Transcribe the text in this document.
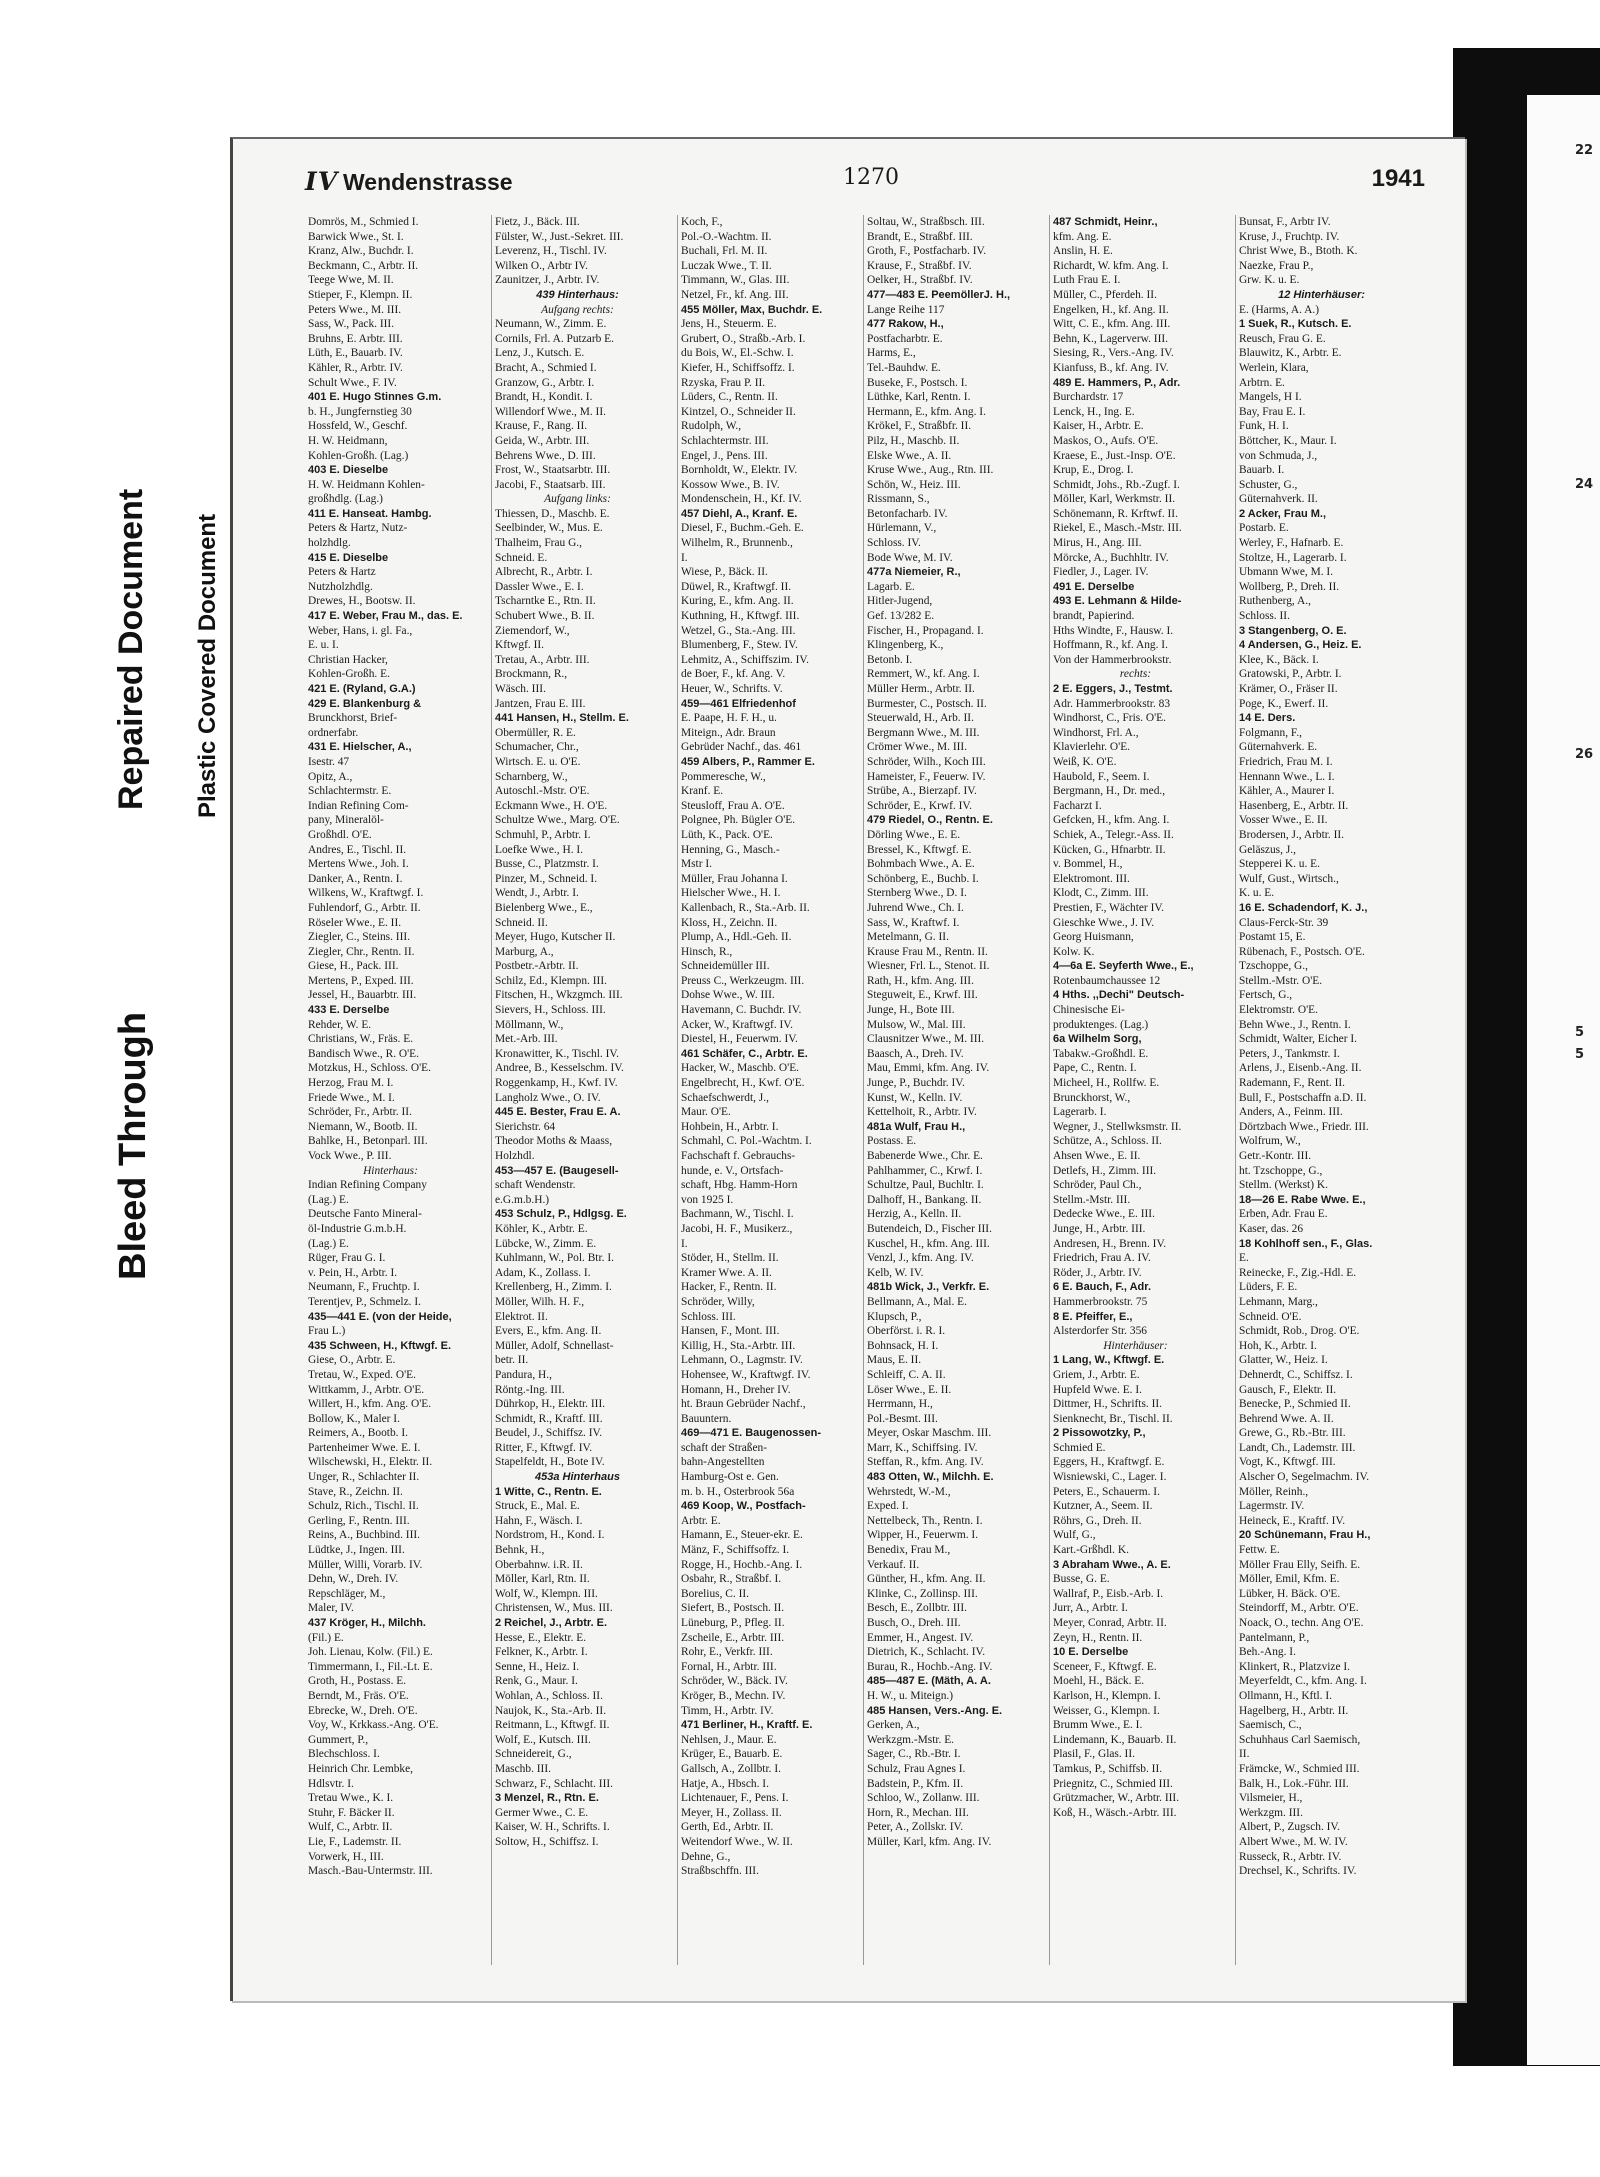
22
24
26
5
5
Bleed Through
Repaired Document Plastic Covered Document
IV Wendenstrasse	1270	1941
Domrös, M., Schmied I.
Barwick Wwe., St. I.
Kranz, Alw., Buchdr. I.
Beckmann, C., Arbtr. II.
Teege Wwe, M. II.
Stieper, F., Klempn. II.
Peters Wwe., M. III.
Sass, W., Pack. III.
Bruhns, E. Arbtr. III.
Lüth, E., Bauarb. IV.
Kähler, R., Arbtr. IV.
Schult Wwe., F. IV.
401 E. Hugo Stinnes G.m.
b. H., Jungfernstieg 30
Hossfeld, W., Geschf.
H. W. Heidmann,
Kohlen-Großh. (Lag.)
403 E. Dieselbe
H. W. Heidmann Kohlen-
großhdlg. (Lag.)
411 E. Hanseat. Hambg.
Peters & Hartz, Nutz-
holzhdlg.
415 E. Dieselbe
Peters & Hartz
Nutzholzhdlg.
Drewes, H., Bootsw. II.
417 E. Weber, Frau M., das. E.
Weber, Hans, i. gl. Fa.,
E. u. I.
Christian Hacker,
Kohlen-Großh. E.
421 E. (Ryland, G.A.)
429 E. Blankenburg &
Brunckhorst, Brief-
ordnerfabr.
431 E. Hielscher, A.,
Isestr. 47
Opitz, A.,
Schlachtermstr. E.
Indian Refining Com-
pany, Mineralöl-
Großhdl. O'E.
Andres, E., Tischl. II.
Mertens Wwe., Joh. I.
Danker, A., Rentn. I.
Wilkens, W., Kraftwgf. I.
Fuhlendorf, G., Arbtr. II.
Röseler Wwe., E. II.
Ziegler, C., Steins. III.
Ziegler, Chr., Rentn. II.
Giese, H., Pack. III.
Mertens, P., Exped. III.
Jessel, H., Bauarbtr. III.
433 E. Derselbe
Rehder, W. E.
Christians, W., Fräs. E.
Bandisch Wwe., R. O'E.
Motzkus, H., Schloss. O'E.
Herzog, Frau M. I.
Friede Wwe., M. I.
Schröder, Fr., Arbtr. II.
Niemann, W., Bootb. II.
Bahlke, H., Betonparl. III.
Vock Wwe., P. III.
Hinterhaus:
Indian Refining Company
(Lag.) E.
Deutsche Fanto Mineral-
öl-Industrie G.m.b.H.
(Lag.) E.
Rüger, Frau G. I.
v. Pein, H., Arbtr. I.
Neumann, F., Fruchtp. I.
Terentjev, P., Schmelz. I.
435—441 E. (von der Heide,
Frau L.)
435 Schween, H., Kftwgf. E.
Giese, O., Arbtr. E.
Tretau, W., Exped. O'E.
Wittkamm, J., Arbtr. O'E.
Willert, H., kfm. Ang. O'E.
Bollow, K., Maler I.
Reimers, A., Bootb. I.
Partenheimer Wwe. E. I.
Wilschewski, H., Elektr. II.
Unger, R., Schlachter II.
Stave, R., Zeichn. II.
Schulz, Rich., Tischl. II.
Gerling, F., Rentn. III.
Reins, A., Buchbind. III.
Lüdtke, J., Ingen. III.
Müller, Willi, Vorarb. IV.
Dehn, W., Dreh. IV.
Repschläger, M.,
Maler, IV.
437 Kröger, H., Milchh.
(Fil.) E.
Joh. Lienau, Kolw. (Fil.) E.
Timmermann, I., Fil.-Lt. E.
Groth, H., Postass. E.
Berndt, M., Fräs. O'E.
Ebrecke, W., Dreh. O'E.
Voy, W., Krkkass.-Ang. O'E.
Gummert, P.,
Blechschloss. I.
Heinrich Chr. Lembke,
Hdlsvtr. I.
Tretau Wwe., K. I.
Stuhr, F. Bäcker II.
Wulf, C., Arbtr. II.
Lie, F., Lademstr. II.
Vorwerk, H., III.
Masch.-Bau-Untermstr. III.
Fietz, J., Bäck. III.
Fülster, W., Just.-Sekret. III.
Leverenz, H., Tischl. IV.
Wilken O., Arbtr IV.
Zaunitzer, J., Arbtr. IV.
439 Hinterhaus:
Aufgang rechts:
Neumann, W., Zimm. E.
Cornils, Frl. A. Putzarb E.
Lenz, J., Kutsch. E.
Bracht, A., Schmied I.
Granzow, G., Arbtr. I.
Brandt, H., Kondit. I.
Willendorf Wwe., M. II.
Krause, F., Rang. II.
Geida, W., Arbtr. III.
Behrens Wwe., D. III.
Frost, W., Staatsarbtr. III.
Jacobi, F., Staatsarb. III.
Aufgang links:
Thiessen, D., Maschb. E.
Seelbinder, W., Mus. E.
Thalheim, Frau G.,
Schneid. E.
Albrecht, R., Arbtr. I.
Dassler Wwe., E. I.
Tscharntke E., Rtn. II.
Schubert Wwe., B. II.
Ziemendorf, W.,
Kftwgf. II.
Tretau, A., Arbtr. III.
Brockmann, R.,
Wäsch. III.
Jantzen, Frau E. III.
441 Hansen, H., Stellm. E.
Obermüller, R. E.
Schumacher, Chr.,
Wirtsch. E. u. O'E.
Scharnberg, W.,
Autoschl.-Mstr. O'E.
Eckmann Wwe., H. O'E.
Schultze Wwe., Marg. O'E.
Schmuhl, P., Arbtr. I.
Loefke Wwe., H. I.
Busse, C., Platzmstr. I.
Pinzer, M., Schneid. I.
Wendt, J., Arbtr. I.
Bielenberg Wwe., E.,
Schneid. II.
Meyer, Hugo, Kutscher II.
Marburg, A.,
Postbetr.-Arbtr. II.
Schilz, Ed., Klempn. III.
Fitschen, H., Wkzgmch. III.
Sievers, H., Schloss. III.
Möllmann, W.,
Met.-Arb. III.
Kronawitter, K., Tischl. IV.
Andree, B., Kesselschm. IV.
Roggenkamp, H., Kwf. IV.
Langholz Wwe., O. IV.
445 E. Bester, Frau E. A.
Sierichstr. 64
Theodor Moths & Maass,
Holzhdl.
453—457 E. (Baugesell-
schaft Wendenstr.
e.G.m.b.H.)
453 Schulz, P., Hdlgsg. E.
Köhler, K., Arbtr. E.
Lübcke, W., Zimm. E.
Kuhlmann, W., Pol. Btr. I.
Adam, K., Zollass. I.
Krellenberg, H., Zimm. I.
Möller, Wilh. H. F.,
Elektrot. II.
Evers, E., kfm. Ang. II.
Müller, Adolf, Schnellast-
betr. II.
Pandura, H.,
Röntg.-Ing. III.
Dührkop, H., Elektr. III.
Schmidt, R., Kraftf. III.
Beudel, J., Schiffsz. IV.
Ritter, F., Kftwgf. IV.
Stapelfeldt, H., Bote IV.
453a Hinterhaus
1 Witte, C., Rentn. E.
Struck, E., Mal. E.
Hahn, F., Wäsch. I.
Nordstrom, H., Kond. I.
Behnk, H.,
Oberbahnw. i.R. II.
Möller, Karl, Rtn. II.
Wolf, W., Klempn. III.
Christensen, W., Mus. III.
2 Reichel, J., Arbtr. E.
Hesse, E., Elektr. E.
Felkner, K., Arbtr. I.
Senne, H., Heiz. I.
Renk, G., Maur. I.
Wohlan, A., Schloss. II.
Naujok, K., Sta.-Arb. II.
Reitmann, L., Kftwgf. II.
Wolf, E., Kutsch. III.
Schneidereit, G.,
Maschb. III.
Schwarz, F., Schlacht. III.
3 Menzel, R., Rtn. E.
Germer Wwe., C. E.
Kaiser, W. H., Schrifts. I.
Soltow, H., Schiffsz. I.
Koch, F.,
Pol.-O.-Wachtm. II.
Buchali, Frl. M. II.
Luczak Wwe., T. II.
Timmann, W., Glas. III.
Netzel, Fr., kf. Ang. III.
455 Möller, Max, Buchdr. E.
Jens, H., Steuerm. E.
Grubert, O., Straßb.-Arb. I.
du Bois, W., El.-Schw. I.
Kiefer, H., Schiffsoffz. I.
Rzyska, Frau P. II.
Lüders, C., Rentn. II.
Kintzel, O., Schneider II.
Rudolph, W.,
Schlachtermstr. III.
Engel, J., Pens. III.
Bornholdt, W., Elektr. IV.
Kossow Wwe., B. IV.
Mondenschein, H., Kf. IV.
457 Diehl, A., Kranf. E.
Diesel, F., Buchm.-Geh. E.
Wilhelm, R., Brunnenb.,
I.
Wiese, P., Bäck. II.
Düwel, R., Kraftwgf. II.
Kuring, E., kfm. Ang. II.
Kuthning, H., Kftwgf. III.
Wetzel, G., Sta.-Ang. III.
Blumenberg, F., Stew. IV.
Lehmitz, A., Schiffszim. IV.
de Boer, F., kf. Ang. V.
Heuer, W., Schrifts. V.
459—461 Elfriedenhof
E. Paape, H. F. H., u.
Miteign., Adr. Braun
Gebrüder Nachf., das. 461
459 Albers, P., Rammer E.
Pommeresche, W.,
Kranf. E.
Steusloff, Frau A. O'E.
Polgnee, Ph. Bügler O'E.
Lüth, K., Pack. O'E.
Henning, G., Masch.-
Mstr I.
Müller, Frau Johanna I.
Hielscher Wwe., H. I.
Kallenbach, R., Sta.-Arb. II.
Kloss, H., Zeichn. II.
Plump, A., Hdl.-Geh. II.
Hinsch, R.,
Schneidemüller III.
Preuss C., Werkzeugm. III.
Dohse Wwe., W. III.
Havemann, C. Buchdr. IV.
Acker, W., Kraftwgf. IV.
Diestel, H., Feuerwm. IV.
461 Schäfer, C., Arbtr. E.
Hacker, W., Maschb. O'E.
Engelbrecht, H., Kwf. O'E.
Schaefschwerdt, J.,
Maur. O'E.
Hohbein, H., Arbtr. I.
Schmahl, C. Pol.-Wachtm. I.
Fachschaft f. Gebrauchs-
hunde, e. V., Ortsfach-
schaft, Hbg. Hamm-Horn
von 1925 I.
Bachmann, W., Tischl. I.
Jacobi, H. F., Musikerz.,
I.
Stöder, H., Stellm. II.
Kramer Wwe. A. II.
Hacker, F., Rentn. II.
Schröder, Willy,
Schloss. III.
Hansen, F., Mont. III.
Killig, H., Sta.-Arbtr. III.
Lehmann, O., Lagmstr. IV.
Hohensee, W., Kraftwgf. IV.
Homann, H., Dreher IV.
ht. Braun Gebrüder Nachf.,
Bauuntern.
469—471 E. Baugenossen-
schaft der Straßen-
bahn-Angestellten
Hamburg-Ost e. Gen.
m. b. H., Osterbrook 56a
469 Koop, W., Postfach-
Arbtr. E.
Hamann, E., Steuer-ekr. E.
Mänz, F., Schiffsoffz. I.
Rogge, H., Hochb.-Ang. I.
Osbahr, R., Straßbf. I.
Borelius, C. II.
Siefert, B., Postsch. II.
Lüneburg, P., Pfleg. II.
Zscheile, E., Arbtr. III.
Rohr, E., Verkfr. III.
Fornal, H., Arbtr. III.
Schröder, W., Bäck. IV.
Kröger, B., Mechn. IV.
Timm, H., Arbtr. IV.
471 Berliner, H., Kraftf. E.
Nehlsen, J., Maur. E.
Krüger, E., Bauarb. E.
Gallsch, A., Zollbtr. I.
Hatje, A., Hbsch. I.
Lichtenauer, F., Pens. I.
Meyer, H., Zollass. II.
Gerth, Ed., Arbtr. II.
Weitendorf Wwe., W. II.
Dehne, G.,
Straßbschffn. III.
Soltau, W., Straßbsch. III.
Brandt, E., Straßbf. III.
Groth, F., Postfacharb. IV.
Krause, F., Straßbf. IV.
Oelker, H., Straßbf. IV.
477—483 E. PeemöllerJ. H.,
Lange Reihe 117
477 Rakow, H.,
Postfacharbtr. E.
Harms, E.,
Tel.-Bauhdw. E.
Buseke, F., Postsch. I.
Lüthke, Karl, Rentn. I.
Hermann, E., kfm. Ang. I.
Krökel, F., Straßbfr. II.
Pilz, H., Maschb. II.
Elske Wwe., A. II.
Kruse Wwe., Aug., Rtn. III.
Schön, W., Heiz. III.
Rissmann, S.,
Betonfacharb. IV.
Hürlemann, V.,
Schloss. IV.
Bode Wwe, M. IV.
477a Niemeier, R.,
Lagarb. E.
Hitler-Jugend,
Gef. 13/282 E.
Fischer, H., Propagand. I.
Klingenberg, K.,
Betonb. I.
Remmert, W., kf. Ang. I.
Müller Herm., Arbtr. II.
Burmester, C., Postsch. II.
Steuerwald, H., Arb. II.
Bergmann Wwe., M. III.
Crömer Wwe., M. III.
Schröder, Wilh., Koch III.
Hameister, F., Feuerw. IV.
Strübe, A., Bierzapf. IV.
Schröder, E., Krwf. IV.
479 Riedel, O., Rentn. E.
Dörling Wwe., E. E.
Bressel, K., Kftwgf. E.
Bohmbach Wwe., A. E.
Schönberg, E., Buchb. I.
Sternberg Wwe., D. I.
Juhrend Wwe., Ch. I.
Sass, W., Kraftwf. I.
Metelmann, G. II.
Krause Frau M., Rentn. II.
Wiesner, Frl. L., Stenot. II.
Rath, H., kfm. Ang. III.
Steguweit, E., Krwf. III.
Junge, H., Bote III.
Mulsow, W., Mal. III.
Clausnitzer Wwe., M. III.
Baasch, A., Dreh. IV.
Mau, Emmi, kfm. Ang. IV.
Junge, P., Buchdr. IV.
Kunst, W., Kelln. IV.
Kettelhoit, R., Arbtr. IV.
481a Wulf, Frau H.,
Postass. E.
Babenerde Wwe., Chr. E.
Pahlhammer, C., Krwf. I.
Schultze, Paul, Buchltr. I.
Dalhoff, H., Bankang. II.
Herzig, A., Kelln. II.
Butendeich, D., Fischer III.
Kuschel, H., kfm. Ang. III.
Venzl, J., kfm. Ang. IV.
Kelb, W. IV.
481b Wick, J., Verkfr. E.
Bellmann, A., Mal. E.
Klupsch, P.,
Oberförst. i. R. I.
Bohnsack, H. I.
Maus, E. II.
Schleiff, C. A. II.
Löser Wwe., E. II.
Herrmann, H.,
Pol.-Besmt. III.
Meyer, Oskar Maschm. III.
Marr, K., Schiffsing. IV.
Steffan, R., kfm. Ang. IV.
483 Otten, W., Milchh. E.
Wehrstedt, W.-M.,
Exped. I.
Nettelbeck, Th., Rentn. I.
Wipper, H., Feuerwm. I.
Benedix, Frau M.,
Verkauf. II.
Günther, H., kfm. Ang. II.
Klinke, C., Zollinsp. III.
Besch, E., Zollbtr. III.
Busch, O., Dreh. III.
Emmer, H., Angest. IV.
Dietrich, K., Schlacht. IV.
Burau, R., Hochb.-Ang. IV.
485—487 E. (Mäth, A. A.
H. W., u. Miteign.)
485 Hansen, Vers.-Ang. E.
Gerken, A.,
Werkzgm.-Mstr. E.
Sager, C., Rb.-Btr. I.
Schulz, Frau Agnes I.
Badstein, P., Kfm. II.
Schloo, W., Zollanw. III.
Horn, R., Mechan. III.
Peter, A., Zollskr. IV.
Müller, Karl, kfm. Ang. IV.
487 Schmidt, Heinr.,
kfm. Ang. E.
Anslin, H. E.
Richardt, W. kfm. Ang. I.
Luth Frau E. I.
Müller, C., Pferdeh. II.
Engelken, H., kf. Ang. II.
Witt, C. E., kfm. Ang. III.
Behn, K., Lagerverw. III.
Siesing, R., Vers.-Ang. IV.
Kianfuss, B., kf. Ang. IV.
489 E. Hammers, P., Adr.
Burchardstr. 17
Lenck, H., Ing. E.
Kaiser, H., Arbtr. E.
Maskos, O., Aufs. O'E.
Kraese, E., Just.-Insp. O'E.
Krup, E., Drog. I.
Schmidt, Johs., Rb.-Zugf. I.
Möller, Karl, Werkmstr. II.
Schönemann, R. Krftwf. II.
Riekel, E., Masch.-Mstr. III.
Mirus, H., Ang. III.
Mörcke, A., Buchhltr. IV.
Fiedler, J., Lager. IV.
491 E. Derselbe
493 E. Lehmann & Hilde-
brandt, Papierind.
Hths Windte, F., Hausw. I.
Hoffmann, R., kf. Ang. I.
Von der Hammerbrookstr.
rechts:
2 E. Eggers, J., Testmt.
Adr. Hammerbrookstr. 83
Windhorst, C., Fris. O'E.
Windhorst, Frl. A.,
Klavierlehr. O'E.
Weiß, K. O'E.
Haubold, F., Seem. I.
Bergmann, H., Dr. med.,
Facharzt I.
Gefcken, H., kfm. Ang. I.
Schiek, A., Telegr.-Ass. II.
Kücken, G., Hfnarbtr. II.
v. Bommel, H.,
Elektromont. III.
Klodt, C., Zimm. III.
Prestien, F., Wächter IV.
Gieschke Wwe., J. IV.
Georg Huismann,
Kolw. K.
4—6a E. Seyferth Wwe., E.,
Rotenbaumchaussee 12
4 Hths. ,,Dechi" Deutsch-
Chinesische Ei-
produktenges. (Lag.)
6a Wilhelm Sorg,
Tabakw.-Großhdl. E.
Pape, C., Rentn. I.
Micheel, H., Rollfw. E.
Brunckhorst, W.,
Lagerarb. I.
Wegner, J., Stellwksmstr. II.
Schütze, A., Schloss. II.
Ahsen Wwe., E. II.
Detlefs, H., Zimm. III.
Schröder, Paul Ch.,
Stellm.-Mstr. III.
Dedecke Wwe., E. III.
Junge, H., Arbtr. III.
Andresen, H., Brenn. IV.
Friedrich, Frau A. IV.
Röder, J., Arbtr. IV.
6 E. Bauch, F., Adr.
Hammerbrookstr. 75
8 E. Pfeiffer, E.,
Alsterdorfer Str. 356
Hinterhäuser:
1 Lang, W., Kftwgf. E.
Griem, J., Arbtr. E.
Hupfeld Wwe. E. I.
Dittmer, H., Schrifts. II.
Sienknecht, Br., Tischl. II.
2 Pissowotzky, P.,
Schmied E.
Eggers, H., Kraftwgf. E.
Wisniewski, C., Lager. I.
Peters, E., Schauerm. I.
Kutzner, A., Seem. II.
Röhrs, G., Dreh. II.
Wulf, G.,
Kart.-Grßhdl. K.
3 Abraham Wwe., A. E.
Busse, G. E.
Wallraf, P., Eisb.-Arb. I.
Jurr, A., Arbtr. I.
Meyer, Conrad, Arbtr. II.
Zeyn, H., Rentn. II.
10 E. Derselbe
Sceneer, F., Kftwgf. E.
Moehl, H., Bäck. E.
Karlson, H., Klempn. I.
Weisser, G., Klempn. I.
Brumm Wwe., E. I.
Lindemann, K., Bauarb. II.
Plasil, F., Glas. II.
Tamkus, P., Schiffsb. II.
Priegnitz, C., Schmied III.
Grützmacher, W., Arbtr. III.
Koß, H., Wäsch.-Arbtr. III.
Bunsat, F., Arbtr IV.
Kruse, J., Fruchtp. IV.
Christ Wwe, B., Btoth. K.
Naezke, Frau P.,
Grw. K. u. E.
12 Hinterhäuser:
E. (Harms, A. A.)
1 Suek, R., Kutsch. E.
Reusch, Frau G. E.
Blauwitz, K., Arbtr. E.
Werlein, Klara,
Arbtrn. E.
Mangels, H I.
Bay, Frau E. I.
Funk, H. I.
Böttcher, K., Maur. I.
von Schmuda, J.,
Bauarb. I.
Schuster, G.,
Güternahverk. II.
2 Acker, Frau M.,
Postarb. E.
Werley, F., Hafnarb. E.
Stoltze, H., Lagerarb. I.
Ubmann Wwe, M. I.
Wollberg, P., Dreh. II.
Ruthenberg, A.,
Schloss. II.
3 Stangenberg, O. E.
4 Andersen, G., Heiz. E.
Klee, K., Bäck. I.
Gratowski, P., Arbtr. I.
Krämer, O., Fräser II.
Poge, K., Ewerf. II.
14 E. Ders.
Folgmann, F.,
Güternahverk. E.
Friedrich, Frau M. I.
Hennann Wwe., L. I.
Kähler, A., Maurer I.
Hasenberg, E., Arbtr. II.
Vosser Wwe., E. II.
Brodersen, J., Arbtr. II.
Geläszus, J.,
Stepperei K. u. E.
Wulf, Gust., Wirtsch.,
K. u. E.
16 E. Schadendorf, K. J.,
Claus-Ferck-Str. 39
Postamt 15, E.
Rübenach, F., Postsch. O'E.
Tzschoppe, G.,
Stellm.-Mstr. O'E.
Fertsch, G.,
Elektromstr. O'E.
Behn Wwe., J., Rentn. I.
Schmidt, Walter, Eicher I.
Peters, J., Tankmstr. I.
Arlens, J., Eisenb.-Ang. II.
Rademann, F., Rent. II.
Bull, F., Postschaffn a.D. II.
Anders, A., Feinm. III.
Dörtzbach Wwe., Friedr. III.
Wolfrum, W.,
Getr.-Kontr. III.
ht. Tzschoppe, G.,
Stellm. (Werkst) K.
18—26 E. Rabe Wwe. E.,
Erben, Adr. Frau E.
Kaser, das. 26
18 Kohlhoff sen., F., Glas.
E.
Reinecke, F., Zig.-Hdl. E.
Lüders, F. E.
Lehmann, Marg.,
Schneid. O'E.
Schmidt, Rob., Drog. O'E.
Hoh, K., Arbtr. I.
Glatter, W., Heiz. I.
Dehnerdt, C., Schiffsz. I.
Gausch, F., Elektr. II.
Benecke, P., Schmied II.
Behrend Wwe. A. II.
Grewe, G., Rb.-Btr. III.
Landt, Ch., Lademstr. III.
Vogt, K., Kftwgf. III.
Alscher O, Segelmachm. IV.
Möller, Reinh.,
Lagermstr. IV.
Heineck, E., Kraftf. IV.
20 Schünemann, Frau H.,
Fettw. E.
Möller Frau Elly, Seifh. E.
Möller, Emil, Kfm. E.
Lübker, H. Bäck. O'E.
Steindorff, M., Arbtr. O'E.
Noack, O., techn. Ang O'E.
Pantelmann, P.,
Beh.-Ang. I.
Klinkert, R., Platzvize I.
Meyerfeldt, C., kfm. Ang. I.
Ollmann, H., Kftl. I.
Hagelberg, H., Arbtr. II.
Saemisch, C.,
Schuhhaus Carl Saemisch,
II.
Främcke, W., Schmied III.
Balk, H., Lok.-Führ. III.
Vilsmeier, H.,
Werkzgm. III.
Albert, P., Zugsch. IV.
Albert Wwe., M. W. IV.
Russeck, R., Arbtr. IV.
Drechsel, K., Schrifts. IV.
